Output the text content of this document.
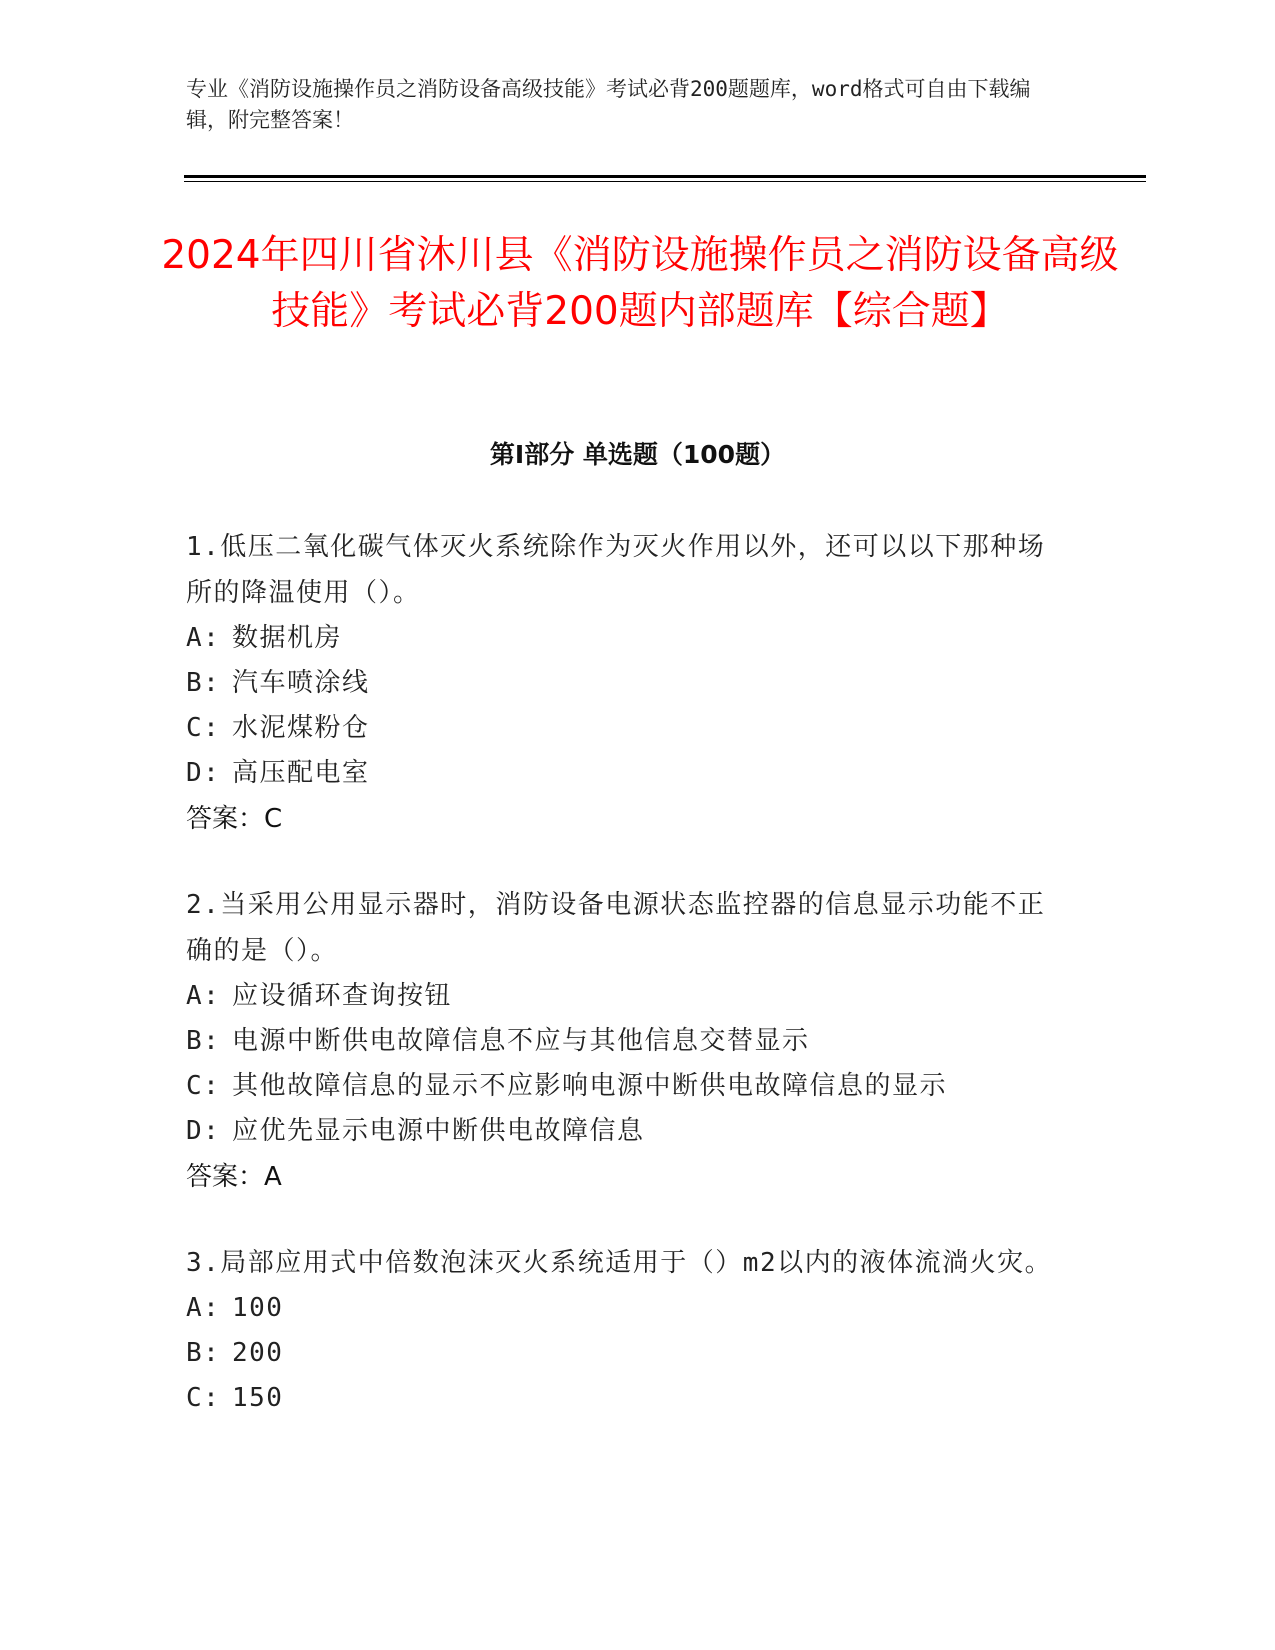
专业《消防设施操作员之消防设备高级技能》考试必背200题题库，word格式可自由下载编辑，附完整答案！
2024年四川省沐川县《消防设施操作员之消防设备高级技能》考试必背200题内部题库【综合题】
第Ⅰ部分 单选题（100题）
1.低压二氧化碳气体灭火系统除作为灭火作用以外，还可以以下那种场所的降温使用（）。
A: 数据机房
B: 汽车喷涂线
C: 水泥煤粉仓
D: 高压配电室
答案：C
2.当采用公用显示器时，消防设备电源状态监控器的信息显示功能不正确的是（）。
A: 应设循环查询按钮
B: 电源中断供电故障信息不应与其他信息交替显示
C: 其他故障信息的显示不应影响电源中断供电故障信息的显示
D: 应优先显示电源中断供电故障信息
答案：A
3.局部应用式中倍数泡沫灭火系统适用于（）m2以内的液体流淌火灾。
A: 100
B: 200
C: 150
